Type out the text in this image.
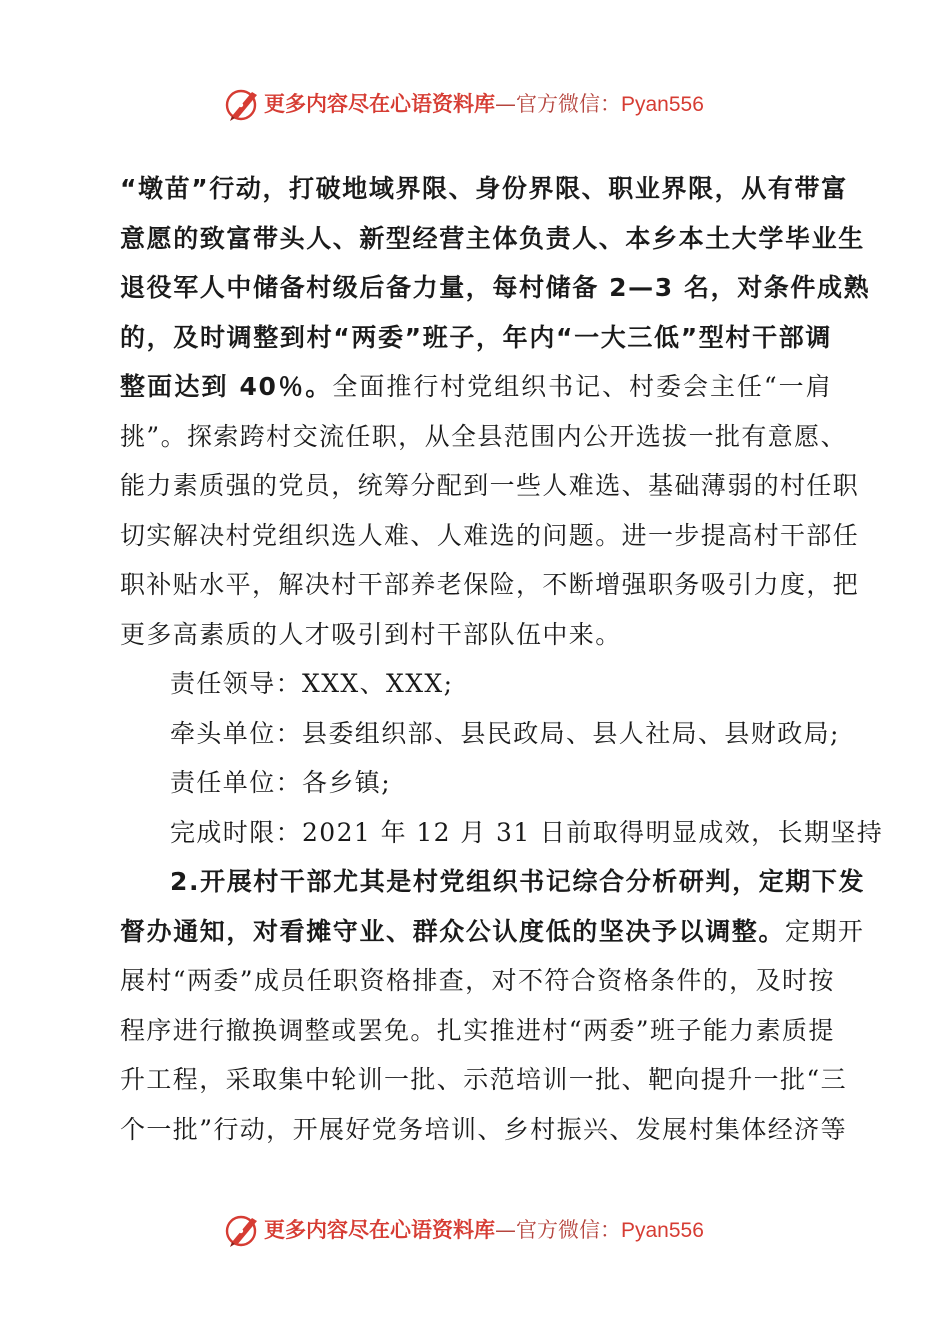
更多内容尽在心语资料库—官方微信：Pyan556
“墩苗”行动，打破地域界限、身份界限、职业界限，从有带富
意愿的致富带头人、新型经营主体负责人、本乡本土大学毕业生
退役军人中储备村级后备力量，每村储备 2—3 名，对条件成熟
的，及时调整到村“两委”班子，年内“一大三低”型村干部调
整面达到 40％。全面推行村党组织书记、村委会主任“一肩
挑”。探索跨村交流任职，从全县范围内公开选拔一批有意愿、
能力素质强的党员，统筹分配到一些人难选、基础薄弱的村任职
切实解决村党组织选人难、人难选的问题。进一步提高村干部任
职补贴水平，解决村干部养老保险，不断增强职务吸引力度，把
更多高素质的人才吸引到村干部队伍中来。
责任领导：XXX、XXX;
牵头单位：县委组织部、县民政局、县人社局、县财政局;
责任单位：各乡镇;
完成时限：2021 年 12 月 31 日前取得明显成效，长期坚持
2.开展村干部尤其是村党组织书记综合分析研判，定期下发
督办通知，对看摊守业、群众公认度低的坚决予以调整。定期开
展村“两委”成员任职资格排查，对不符合资格条件的，及时按
程序进行撤换调整或罢免。扎实推进村“两委”班子能力素质提
升工程，采取集中轮训一批、示范培训一批、靶向提升一批“三
个一批”行动，开展好党务培训、乡村振兴、发展村集体经济等
更多内容尽在心语资料库—官方微信：Pyan556
